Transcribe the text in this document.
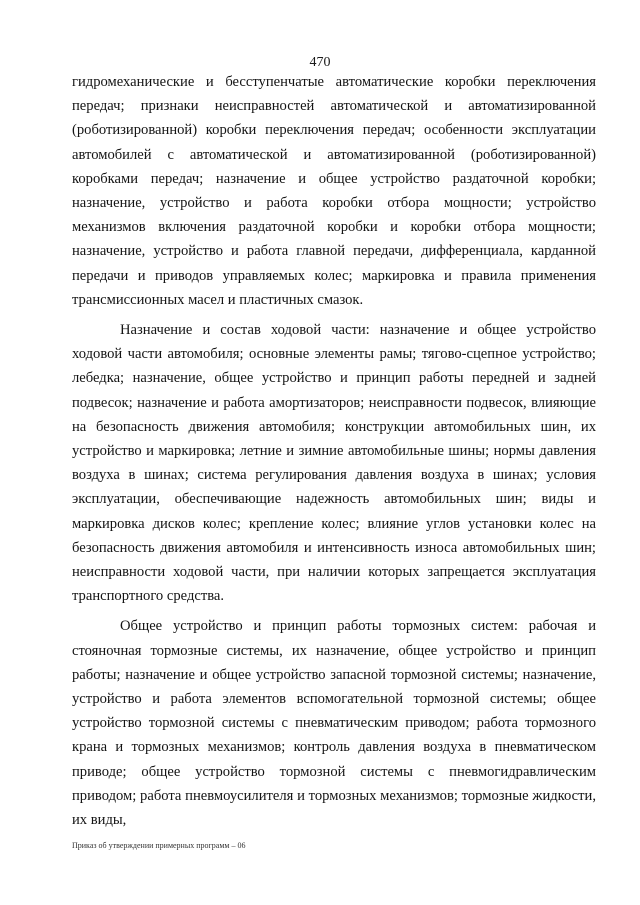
470

гидромеханические и бесступенчатые автоматические коробки переключения передач; признаки неисправностей автоматической и автоматизированной (роботизированной) коробки переключения передач; особенности эксплуатации автомобилей с автоматической и автоматизированной (роботизированной) коробками передач; назначение и общее устройство раздаточной коробки; назначение, устройство и работа коробки отбора мощности; устройство механизмов включения раздаточной коробки и коробки отбора мощности; назначение, устройство и работа главной передачи, дифференциала, карданной передачи и приводов управляемых колес; маркировка и правила применения трансмиссионных масел и пластичных смазок.

Назначение и состав ходовой части: назначение и общее устройство ходовой части автомобиля; основные элементы рамы; тягово-сцепное устройство; лебедка; назначение, общее устройство и принцип работы передней и задней подвесок; назначение и работа амортизаторов; неисправности подвесок, влияющие на безопасность движения автомобиля; конструкции автомобильных шин, их устройство и маркировка; летние и зимние автомобильные шины; нормы давления воздуха в шинах; система регулирования давления воздуха в шинах; условия эксплуатации, обеспечивающие надежность автомобильных шин; виды и маркировка дисков колес; крепление колес; влияние углов установки колес на безопасность движения автомобиля и интенсивность износа автомобильных шин; неисправности ходовой части, при наличии которых запрещается эксплуатация транспортного средства.

Общее устройство и принцип работы тормозных систем: рабочая и стояночная тормозные системы, их назначение, общее устройство и принцип работы; назначение и общее устройство запасной тормозной системы; назначение, устройство и работа элементов вспомогательной тормозной системы; общее устройство тормозной системы с пневматическим приводом; работа тормозного крана и тормозных механизмов; контроль давления воздуха в пневматическом приводе; общее устройство тормозной системы с пневмогидравлическим приводом; работа пневмоусилителя и тормозных механизмов; тормозные жидкости, их виды,

Приказ об утверждении примерных программ – 06
